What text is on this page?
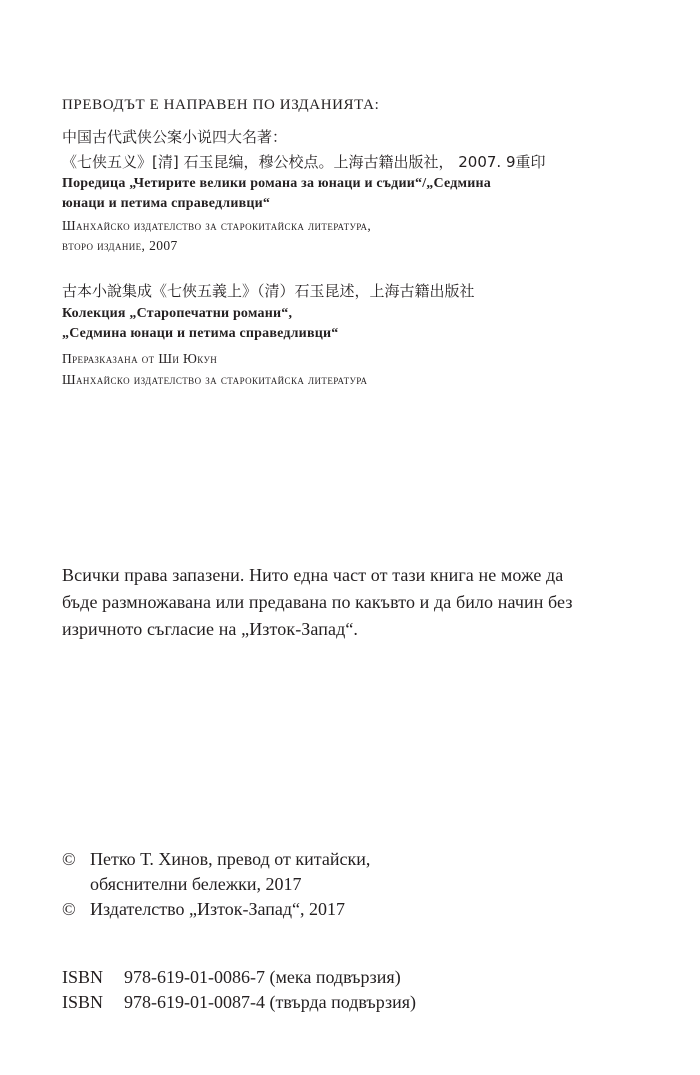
ПРЕВОДЪТ Е НАПРАВЕН ПО ИЗДАНИЯТА:
中国古代武侠公案小说四大名著：
《七侠五义》[清] 石玉昆编，穆公校点。上海古籍出版社， 2007. 9重印
Поредица „Четирите велики романа за юнаци и съдии“/„Седмина
юнаци и петима справедливци“
Шанхайско издателство за старокитайска литература,
второ издание, 2007
古本小說集成《七俠五義上》（清）石玉昆述，上海古籍出版社
Колекция „Старопечатни романи“,
„Седмина юнаци и петима справедливци“
Преразказана от Ши Юкун
Шанхайско издателство за старокитайска литература
Всички права запазени. Нито една част от тази книга не може да
бъде размножавана или предавана по какъвто и да било начин без
изричното съгласие на „Изток-Запад“.
© Петко Т. Хинов, превод от китайски,
обяснителни бележки, 2017
© Издателство „Изток-Запад“, 2017
ISBN 978-619-01-0086-7 (мека подвързия)
ISBN 978-619-01-0087-4 (твърда подвързия)
